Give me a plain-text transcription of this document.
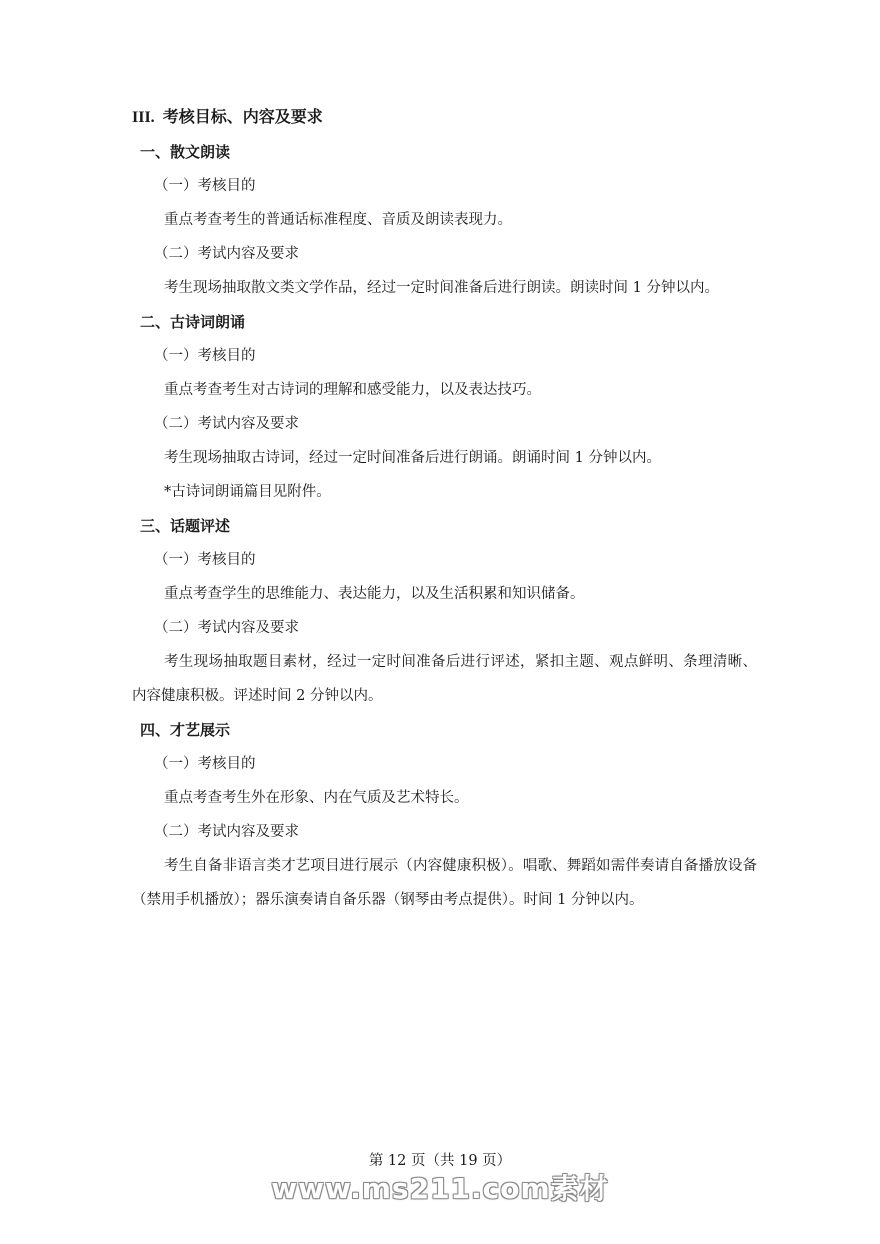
III. 考核目标、内容及要求
一、散文朗读
（一）考核目的
重点考查考生的普通话标准程度、音质及朗读表现力。
（二）考试内容及要求
考生现场抽取散文类文学作品，经过一定时间准备后进行朗读。朗读时间 1 分钟以内。
二、古诗词朗诵
（一）考核目的
重点考查考生对古诗词的理解和感受能力，以及表达技巧。
（二）考试内容及要求
考生现场抽取古诗词，经过一定时间准备后进行朗诵。朗诵时间 1 分钟以内。
*古诗词朗诵篇目见附件。
三、话题评述
（一）考核目的
重点考查学生的思维能力、表达能力，以及生活积累和知识储备。
（二）考试内容及要求
考生现场抽取题目素材，经过一定时间准备后进行评述，紧扣主题、观点鲜明、条理清晰、内容健康积极。评述时间 2 分钟以内。
四、才艺展示
（一）考核目的
重点考查考生外在形象、内在气质及艺术特长。
（二）考试内容及要求
考生自备非语言类才艺项目进行展示（内容健康积极）。唱歌、舞蹈如需伴奏请自备播放设备（禁用手机播放）；器乐演奏请自备乐器（钢琴由考点提供）。时间 1 分钟以内。
第 12 页（共 19 页）
www.ms211.com素材
